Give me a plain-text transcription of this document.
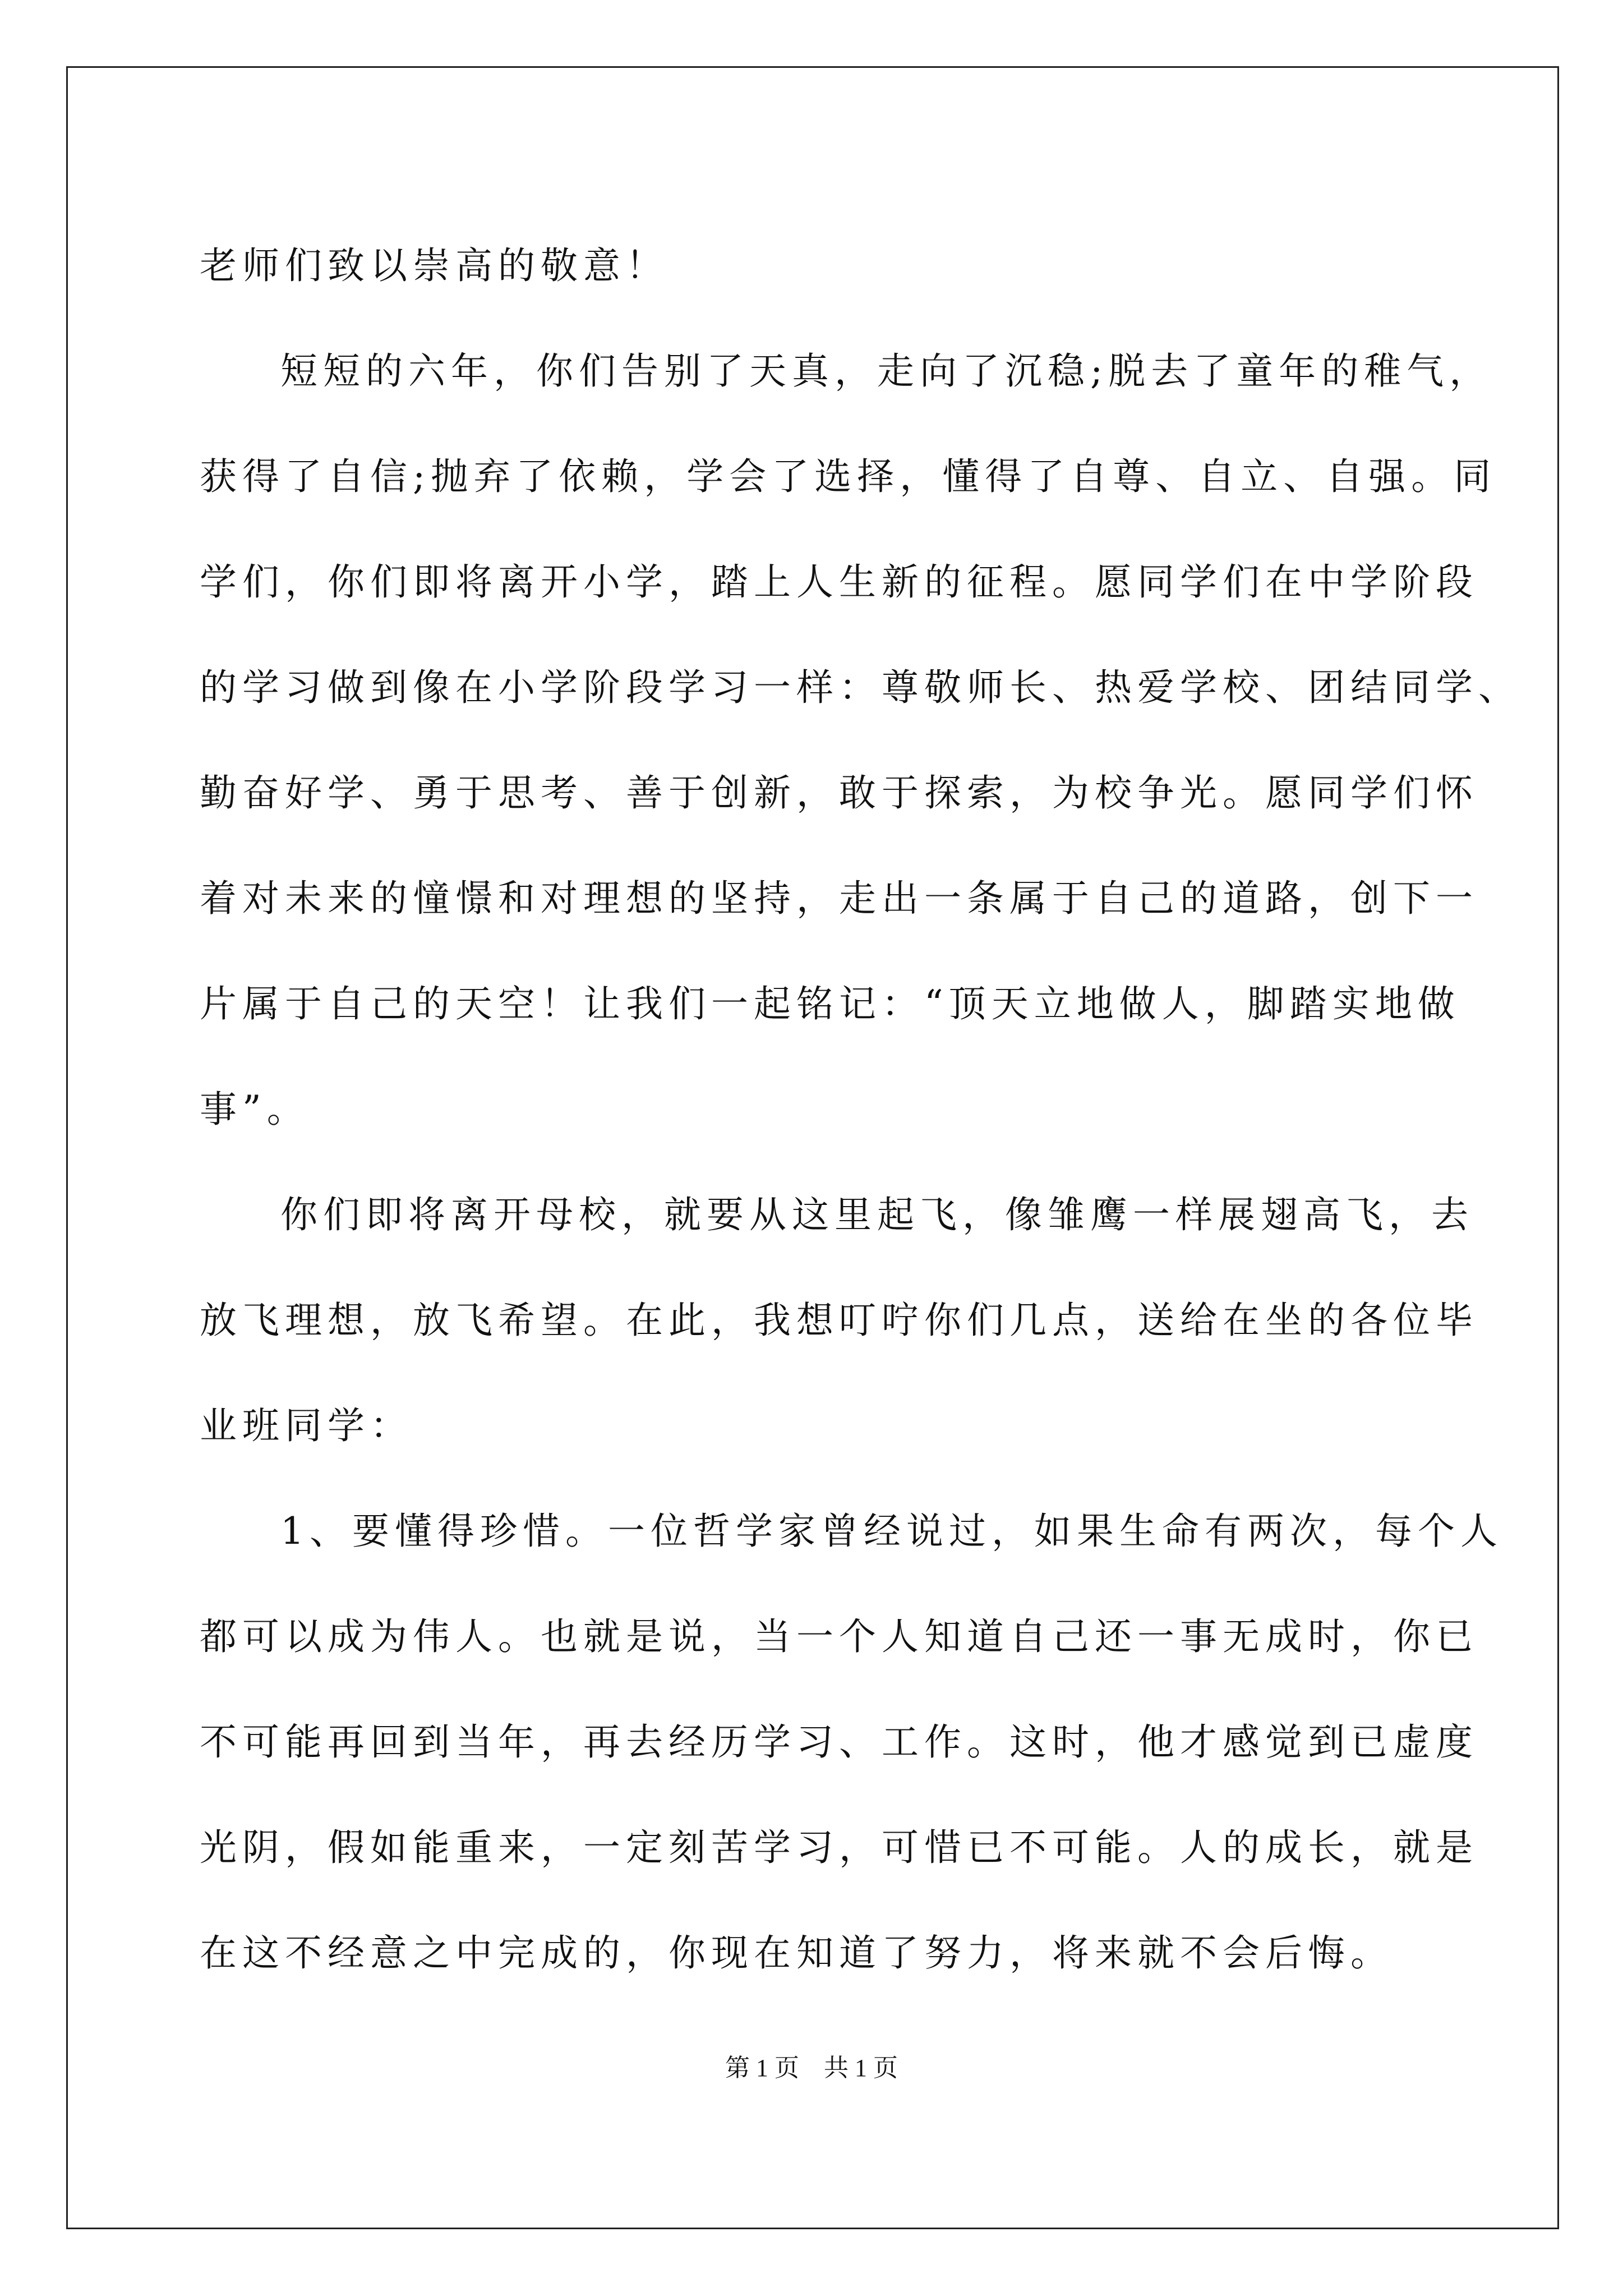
老师们致以崇高的敬意！

短短的六年，你们告别了天真，走向了沉稳;脱去了童年的稚气，
获得了自信;抛弃了依赖，学会了选择，懂得了自尊、自立、自强。同
学们，你们即将离开小学，踏上人生新的征程。愿同学们在中学阶段
的学习做到像在小学阶段学习一样：尊敬师长、热爱学校、团结同学、
勤奋好学、勇于思考、善于创新，敢于探索，为校争光。愿同学们怀
着对未来的憧憬和对理想的坚持，走出一条属于自己的道路，创下一
片属于自己的天空！让我们一起铭记：“顶天立地做人，脚踏实地做
事”。

你们即将离开母校，就要从这里起飞，像雏鹰一样展翅高飞，去
放飞理想，放飞希望。在此，我想叮咛你们几点，送给在坐的各位毕
业班同学：

1、要懂得珍惜。一位哲学家曾经说过，如果生命有两次，每个人
都可以成为伟人。也就是说，当一个人知道自己还一事无成时，你已
不可能再回到当年，再去经历学习、工作。这时，他才感觉到已虚度
光阴，假如能重来，一定刻苦学习，可惜已不可能。人的成长，就是
在这不经意之中完成的，你现在知道了努力，将来就不会后悔。

第 1 页    共 1 页
